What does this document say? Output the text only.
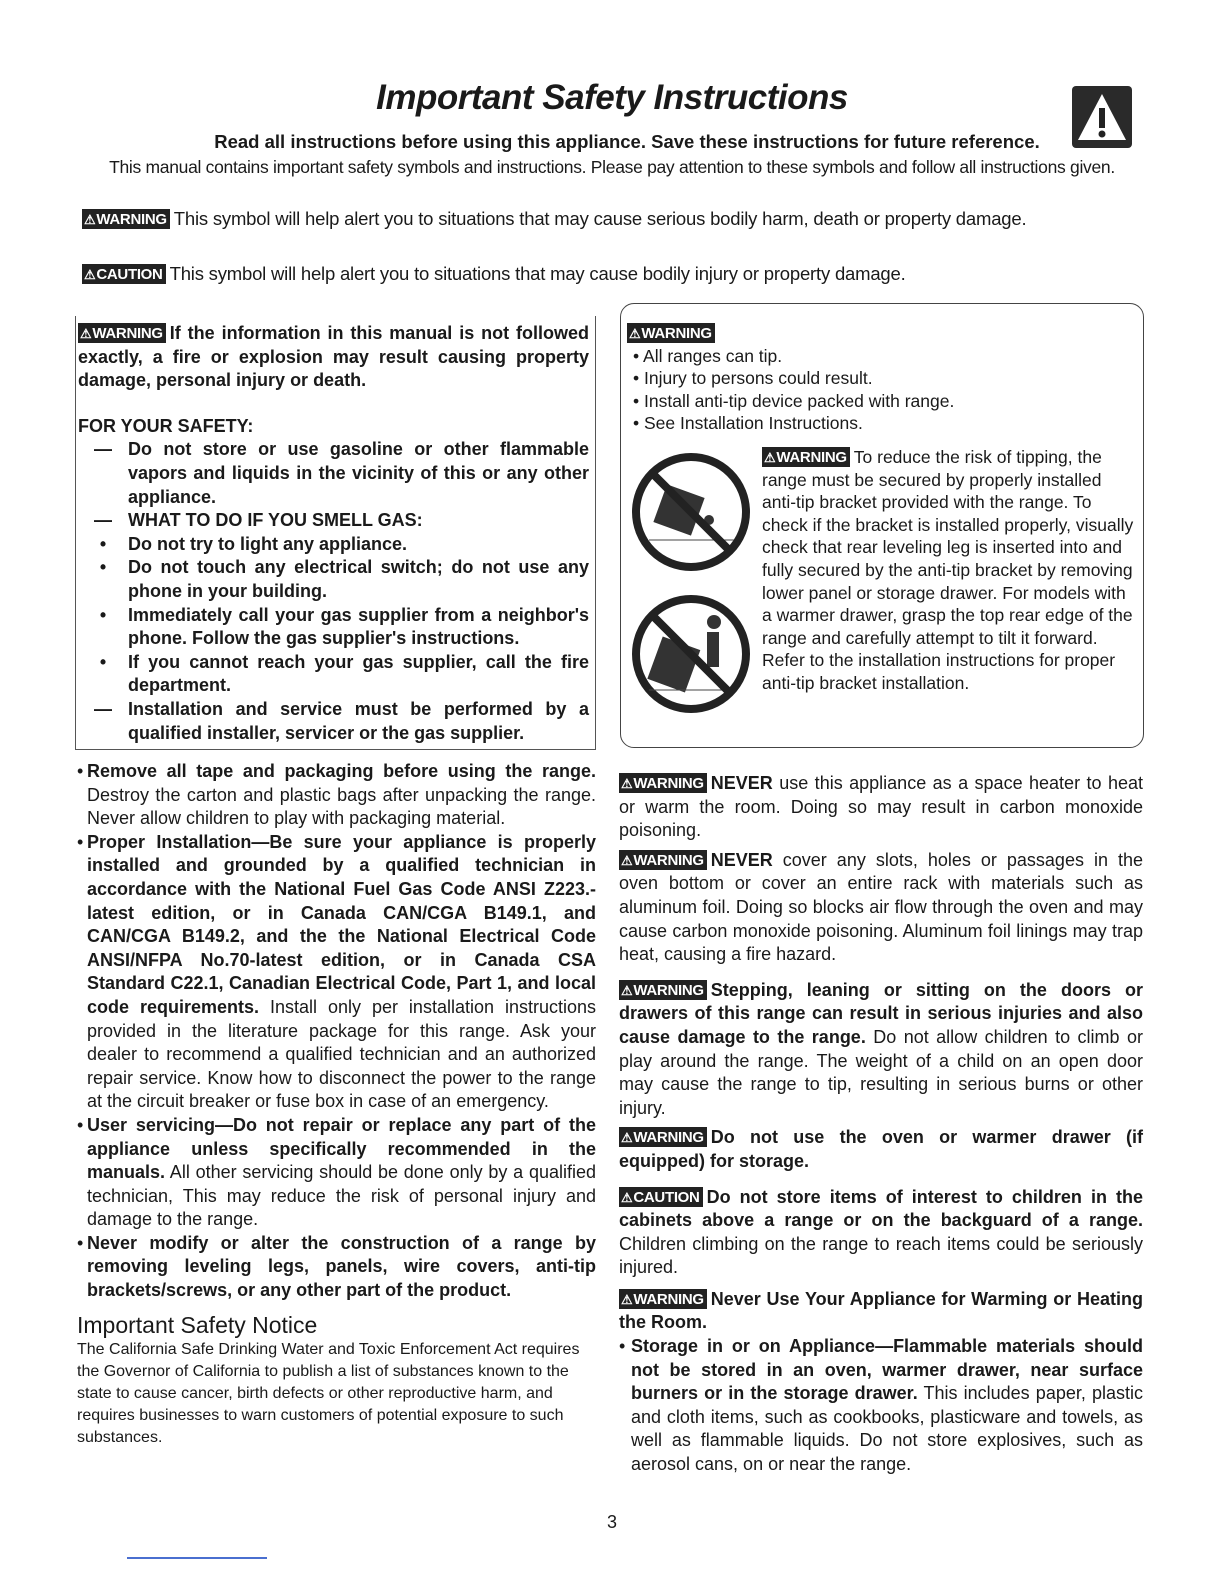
Important Safety Instructions
Read all instructions before using this appliance. Save these instructions for future reference.
This manual contains important safety symbols and instructions. Please pay attention to these symbols and follow all instructions given.
⚠WARNING This symbol will help alert you to situations that may cause serious bodily harm, death or property damage.
⚠CAUTION This symbol will help alert you to situations that may cause bodily injury or property damage.
⚠WARNING If the information in this manual is not followed exactly, a fire or explosion may result causing property damage, personal injury or death.
FOR YOUR SAFETY:
— Do not store or use gasoline or other flammable vapors and liquids in the vicinity of this or any other appliance.
— WHAT TO DO IF YOU SMELL GAS:
•	Do not try to light any appliance.
•	Do not touch any electrical switch; do not use any phone in your building.
•	Immediately call your gas supplier from a neighbor's phone. Follow the gas supplier's instructions.
•	If you cannot reach your gas supplier, call the fire department.
— Installation and service must be performed by a qualified installer, servicer or the gas supplier.
• Remove all tape and packaging before using the range. Destroy the carton and plastic bags after unpacking the range. Never allow children to play with packaging material.
• Proper Installation—Be sure your appliance is properly installed and grounded by a qualified technician in accordance with the National Fuel Gas Code ANSI Z223.- latest edition, or in Canada CAN/CGA B149.1, and CAN/CGA B149.2, and the the National Electrical Code ANSI/NFPA No.70-latest edition, or in Canada CSA Standard C22.1, Canadian Electrical Code, Part 1, and local code requirements. Install only per installation instructions provided in the literature package for this range. Ask your dealer to recommend a qualified technician and an authorized repair service. Know how to disconnect the power to the range at the circuit breaker or fuse box in case of an emergency.
• User servicing—Do not repair or replace any part of the appliance unless specifically recommended in the manuals. All other servicing should be done only by a qualified technician, This may reduce the risk of personal injury and damage to the range.
• Never modify or alter the construction of a range by removing leveling legs, panels, wire covers, anti-tip brackets/screws, or any other part of the product.
Important Safety Notice
The California Safe Drinking Water and Toxic Enforcement Act requires the Governor of California to publish a list of substances known to the state to cause cancer, birth defects or other reproductive harm, and requires businesses to warn customers of potential exposure to such substances.
⚠WARNING
• All ranges can tip.
• Injury to persons could result.
• Install anti-tip device packed with range.
• See Installation Instructions.
⚠WARNING To reduce the risk of tipping, the range must be secured by properly installed anti-tip bracket provided with the range. To check if the bracket is installed properly, visually check that rear leveling leg is inserted into and fully secured by the anti-tip bracket by removing lower panel or storage drawer. For models with a warmer drawer, grasp the top rear edge of the range and carefully attempt to tilt it forward. Refer to the installation instructions for proper anti-tip bracket installation.
⚠WARNING NEVER use this appliance as a space heater to heat or warm the room. Doing so may result in carbon monoxide poisoning.
⚠WARNING NEVER cover any slots, holes or passages in the oven bottom or cover an entire rack with materials such as aluminum foil. Doing so blocks air flow through the oven and may cause carbon monoxide poisoning. Aluminum foil linings may trap heat, causing a fire hazard.
⚠WARNING Stepping, leaning or sitting on the doors or drawers of this range can result in serious injuries and also cause damage to the range. Do not allow children to climb or play around the range. The weight of a child on an open door may cause the range to tip, resulting in serious burns or other injury.
⚠WARNING Do not use the oven or warmer drawer (if equipped) for storage.
⚠CAUTION Do not store items of interest to children in the cabinets above a range or on the backguard of a range. Children climbing on the range to reach items could be seriously injured.
⚠WARNING Never Use Your Appliance for Warming or Heating the Room.
• Storage in or on Appliance—Flammable materials should not be stored in an oven, warmer drawer, near surface burners or in the storage drawer. This includes paper, plastic and cloth items, such as cookbooks, plasticware and towels, as well as flammable liquids. Do not store explosives, such as aerosol cans, on or near the range.
3
